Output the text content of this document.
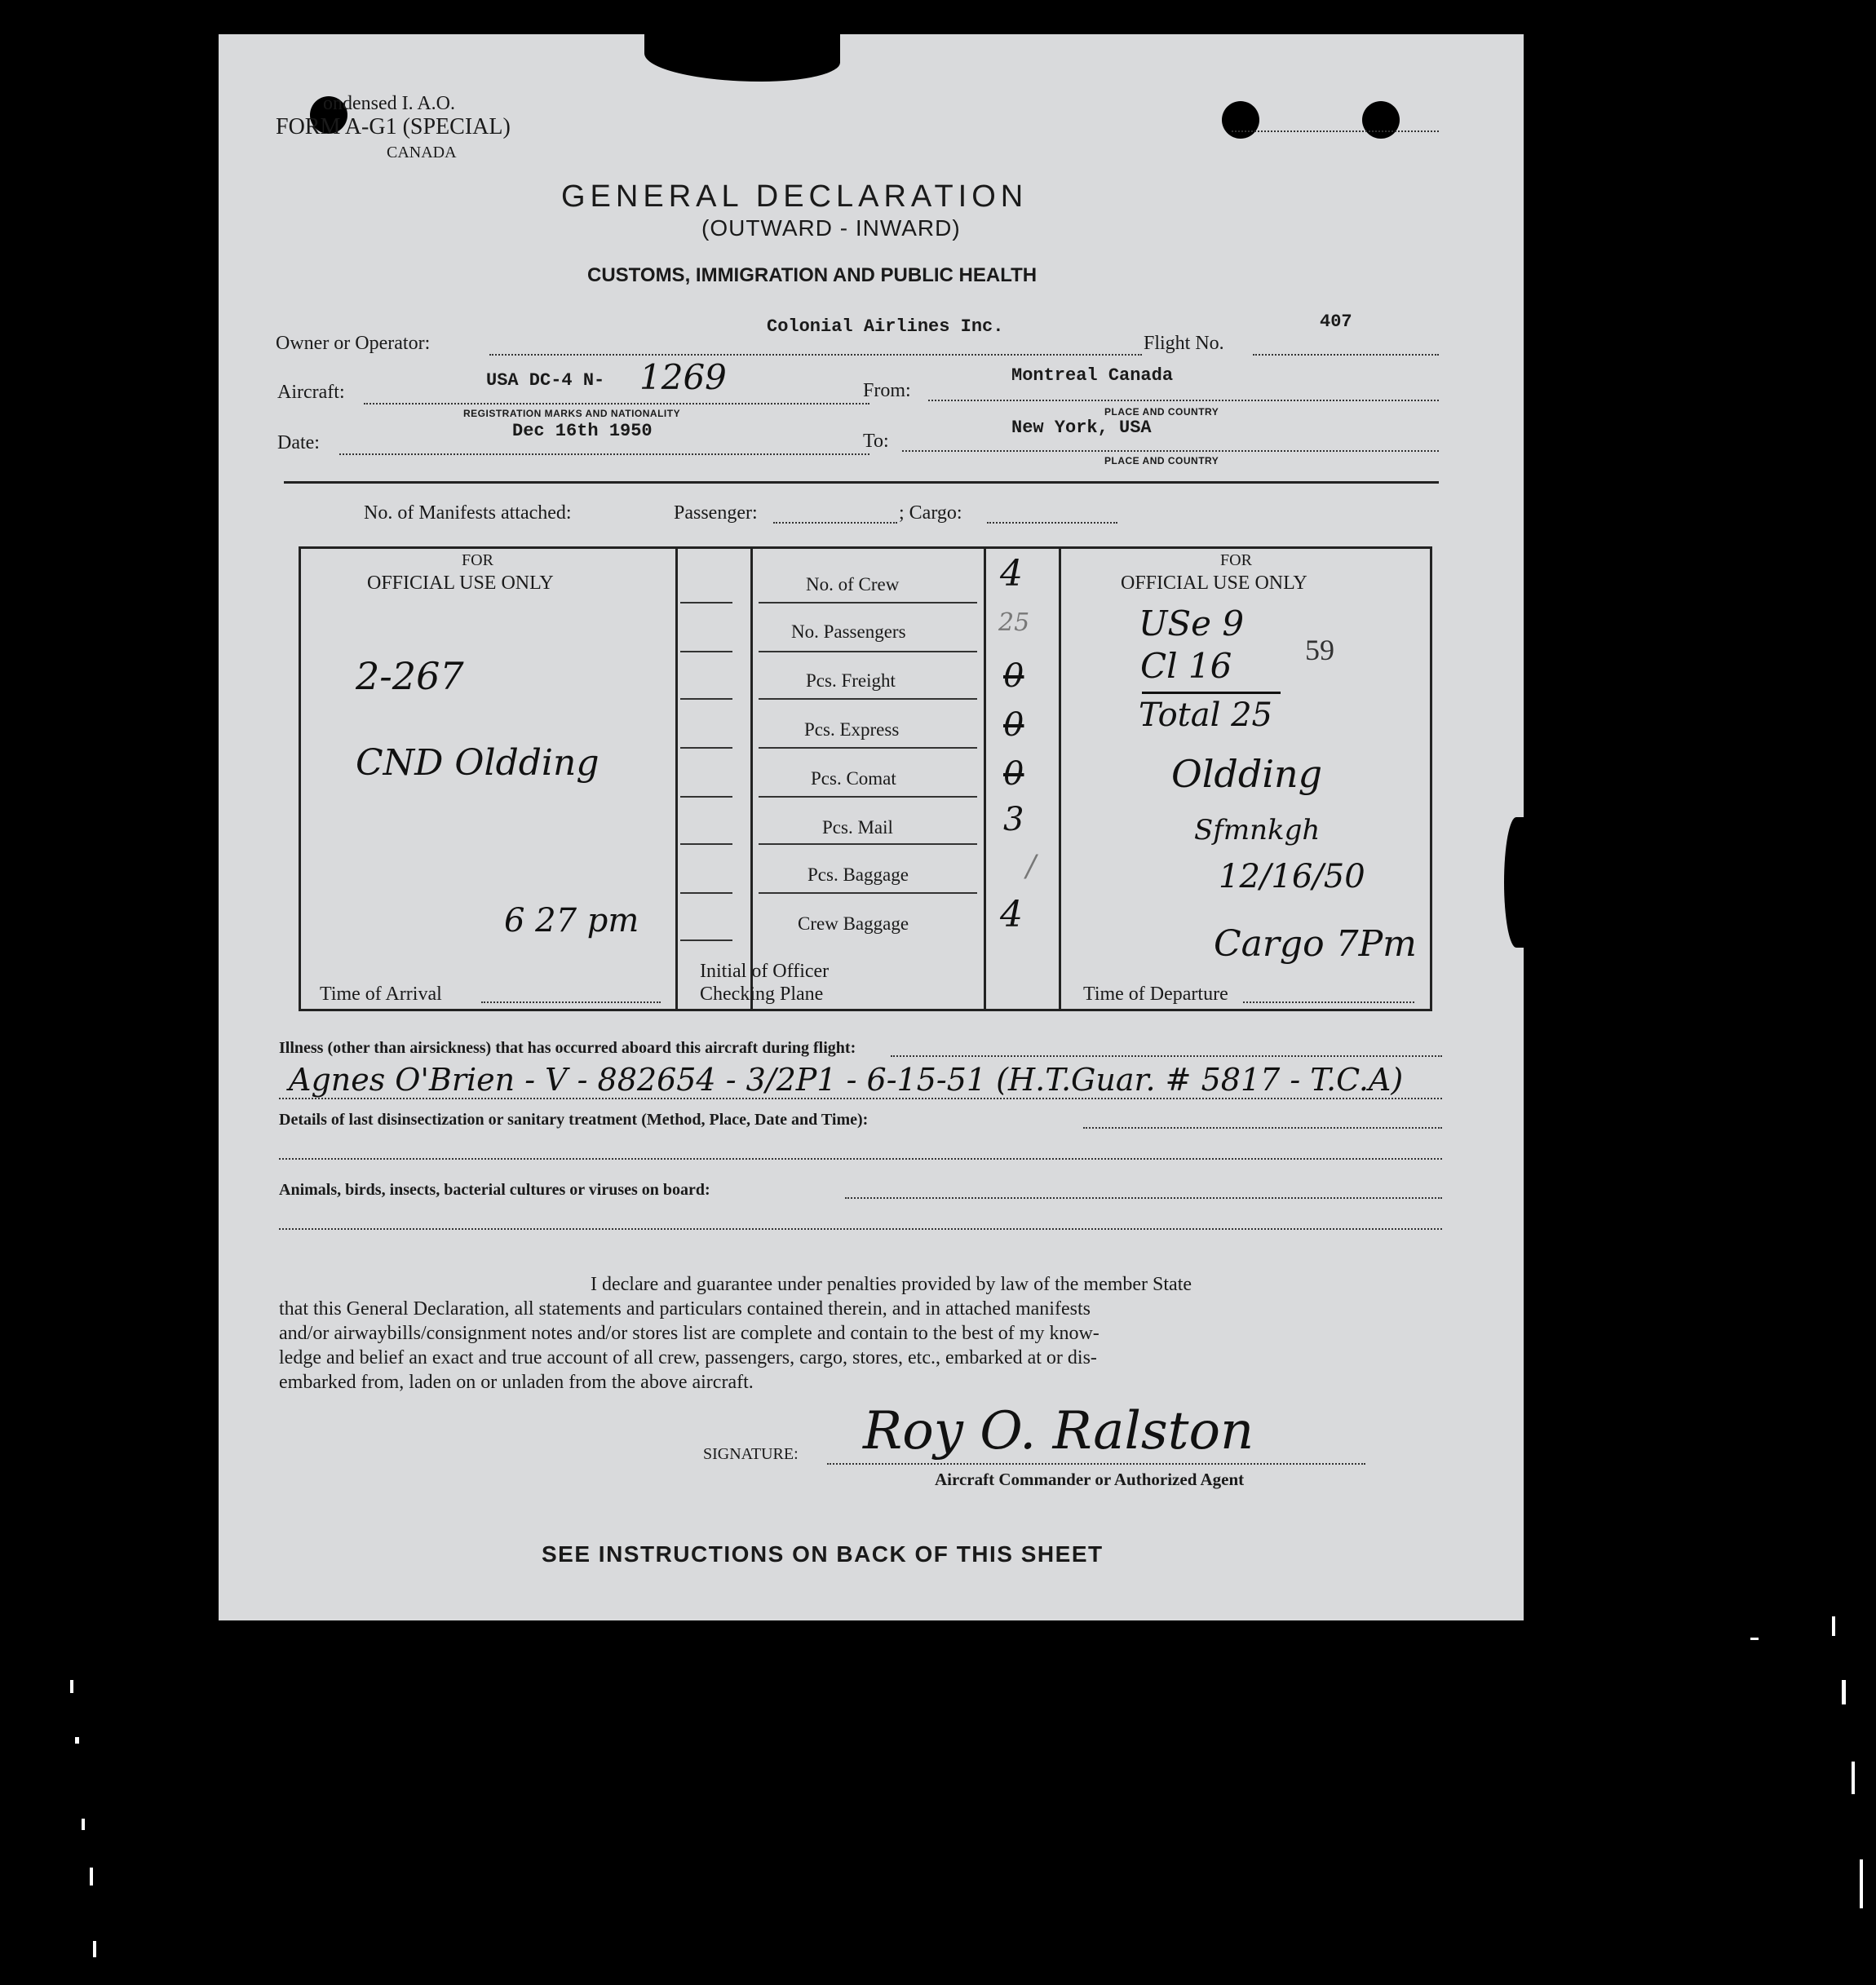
ondensed I. A.O.
FORM A-G1 (SPECIAL)
CANADA
GENERAL DECLARATION
(OUTWARD - INWARD)
CUSTOMS, IMMIGRATION AND PUBLIC HEALTH
Owner or Operator:
Colonial Airlines Inc.
Flight No.
407
Aircraft:
USA DC-4 N- 1269
REGISTRATION MARKS AND NATIONALITY
From:
Montreal Canada
PLACE AND COUNTRY
Date:
Dec 16th 1950	To:
New York, USA
PLACE AND COUNTRY
No. of Manifests attached:	Passenger:	; Cargo:
FOR
OFFICIAL USE ONLY
FOR
OFFICIAL USE ONLY
No. of Crew	4
No. Passengers	25
Pcs. Freight	0
Pcs. Express	0
Pcs. Comat	0
Pcs. Mail	3
Pcs. Baggage	/
Crew Baggage	4
Time of Arrival
Initial of Officer
Checking Plane	Time of Departure
2-267
CND Oldding
6 27 pm
USe 9
Cl 16 59
Total 25
Oldding
Sfmnkgh
12/16/50
Cargo 7Pm
Illness (other than airsickness) that has occurred aboard this aircraft during flight:
Agnes O'Brien - V - 882654 - 3/2P1 - 6-15-51 (H.T.Guar. # 5817 - T.C.A)
Details of last disinsectization or sanitary treatment (Method, Place, Date and Time):
Animals, birds, insects, bacterial cultures or viruses on board:
I declare and guarantee under penalties provided by law of the member State
that this General Declaration, all statements and particulars contained therein, and in attached manifests
and/or airwaybills/consignment notes and/or stores list are complete and contain to the best of my know-
ledge and belief an exact and true account of all crew, passengers, cargo, stores, etc., embarked at or dis-
embarked from, laden on or unladen from the above aircraft.
SIGNATURE: Roy O. Ralston
Aircraft Commander or Authorized Agent
SEE INSTRUCTIONS ON BACK OF THIS SHEET
